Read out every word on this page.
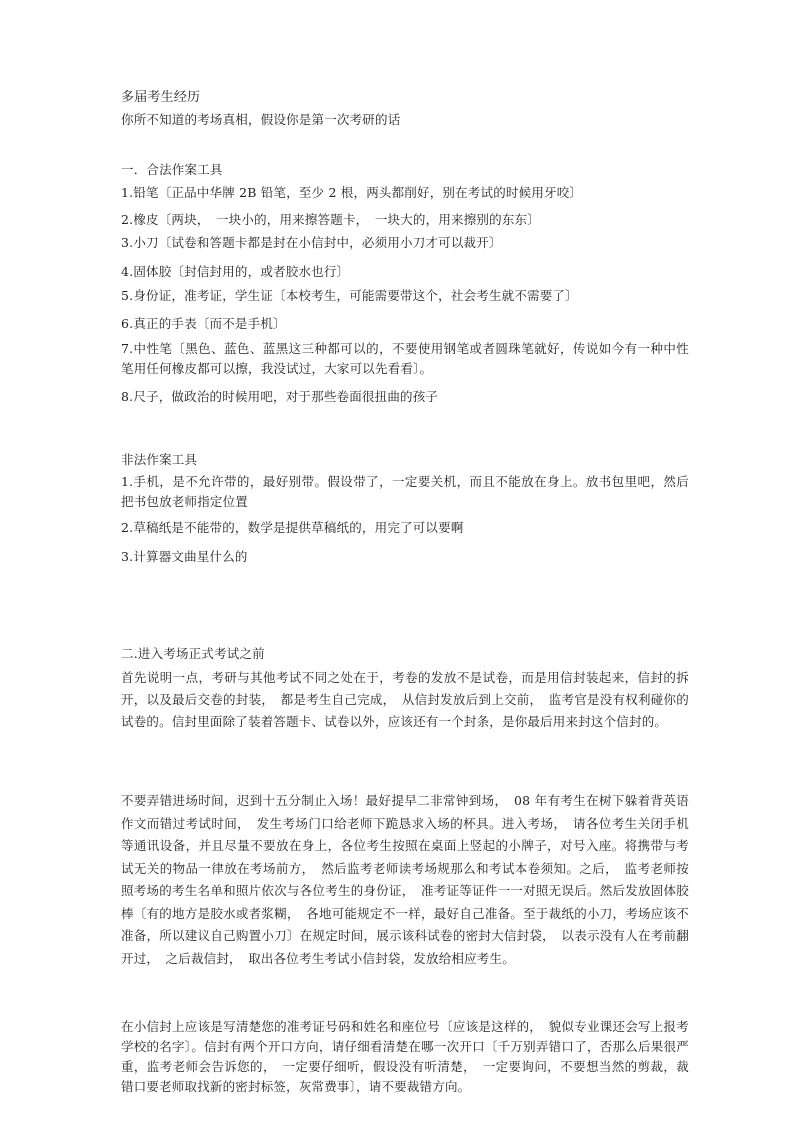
多届考生经历
你所不知道的考场真相，假设你是第一次考研的话
一．合法作案工具
1.铅笔〔正品中华牌 2B 铅笔，至少 2 根，两头都削好，别在考试的时候用牙咬〕
2.橡皮〔两块，　一块小的，用来擦答题卡，　一块大的，用来擦别的东东〕
3.小刀〔试卷和答题卡都是封在小信封中，必须用小刀才可以裁开〕
4.固体胶〔封信封用的，或者胶水也行〕
5.身份证，准考证，学生证〔本校考生，可能需要带这个，社会考生就不需要了〕
6.真正的手表〔而不是手机〕
7.中性笔〔黑色、蓝色、蓝黑这三种都可以的，不要使用钢笔或者圆珠笔就好，传说如今有一种中性笔用任何橡皮都可以擦，我没试过，大家可以先看看〕。
8.尺子，做政治的时候用吧，对于那些卷面很扭曲的孩子
非法作案工具
1.手机，是不允许带的，最好别带。假设带了，一定要关机，而且不能放在身上。放书包里吧，然后把书包放老师指定位置
2.草稿纸是不能带的，数学是提供草稿纸的，用完了可以要啊
3.计算器文曲星什么的
二.进入考场正式考试之前
首先说明一点，考研与其他考试不同之处在于，考卷的发放不是试卷，而是用信封装起来，信封的拆开，以及最后交卷的封装，　都是考生自己完成，　从信封发放后到上交前，　监考官是没有权利碰你的试卷的。信封里面除了装着答题卡、试卷以外，应该还有一个封条，是你最后用来封这个信封的。
不要弄错进场时间，迟到十五分制止入场！最好提早二非常钟到场，　08 年有考生在树下躲着背英语作文而错过考试时间，　发生考场门口给老师下跪恳求入场的杯具。进入考场，　请各位考生关闭手机等通讯设备，并且尽量不要放在身上，各位考生按照在桌面上竖起的小牌子，对号入座。将携带与考试无关的物品一律放在考场前方，　然后监考老师读考场规那么和考试本卷须知。之后，　监考老师按照考场的考生名单和照片依次与各位考生的身份证，　准考证等证件一一对照无误后。然后发放固体胶棒〔有的地方是胶水或者浆糊，　各地可能规定不一样，最好自己准备。至于裁纸的小刀，考场应该不准备，所以建议自己购置小刀〕在规定时间，展示该科试卷的密封大信封袋，　以表示没有人在考前翻开过，　之后裁信封，　取出各位考生考试小信封袋，发放给相应考生。
在小信封上应该是写清楚您的准考证号码和姓名和座位号〔应该是这样的，　貌似专业课还会写上报考学校的名字〕。信封有两个开口方向，请仔细看清楚在哪一次开口〔千万别弄错口了，否那么后果很严重，监考老师会告诉您的，　一定要仔细听，假设没有听清楚，　一定要询问，不要想当然的剪裁，裁错口要老师取找新的密封标签，灰常费事〕，请不要裁错方向。
